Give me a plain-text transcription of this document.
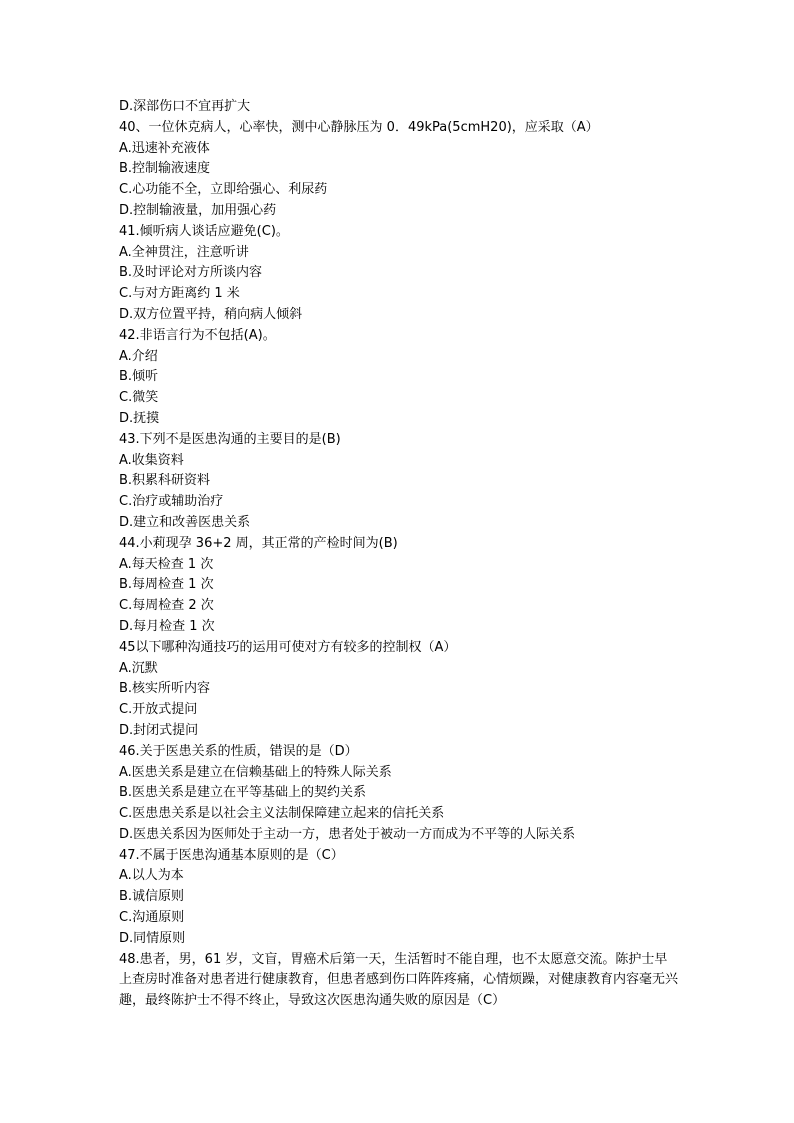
D.深部伤口不宜再扩大
40、一位休克病人，心率快，测中心静脉压为 0．49kPa(5cmH20)，应采取（A）
A.迅速补充液体
B.控制输液速度
C.心功能不全，立即给强心、利尿药
D.控制输液量，加用强心药
41.倾听病人谈话应避免(C)。
A.全神贯注，注意听讲
B.及时评论对方所谈内容
C.与对方距离约 1 米
D.双方位置平持，稍向病人倾斜
42.非语言行为不包括(A)。
A.介绍
B.倾听
C.微笑
D.抚摸
43.下列不是医患沟通的主要目的是(B)
A.收集资料
B.积累科研资料
C.治疗或辅助治疗
D.建立和改善医患关系
44.小莉现孕 36+2 周，其正常的产检时间为(B)
A.每天检查 1 次
B.每周检查 1 次
C.每周检查 2 次
D.每月检查 1 次
45以下哪种沟通技巧的运用可使对方有较多的控制权（A）
A.沉默
B.核实所听内容
C.开放式提问
D.封闭式提问
46.关于医患关系的性质，错误的是（D）
A.医患关系是建立在信赖基础上的特殊人际关系
B.医患关系是建立在平等基础上的契约关系
C.医患患关系是以社会主义法制保障建立起来的信托关系
D.医患关系因为医师处于主动一方，患者处于被动一方而成为不平等的人际关系
47.不属于医患沟通基本原则的是（C）
A.以人为本
B.诚信原则
C.沟通原则
D.同情原则
48.患者，男，61 岁，文盲，胃癌术后第一天，生活暂时不能自理，也不太愿意交流。陈护士早上查房时准备对患者进行健康教育，但患者感到伤口阵阵疼痛，心情烦躁，对健康教育内容毫无兴趣，最终陈护士不得不终止，导致这次医患沟通失败的原因是（C）
